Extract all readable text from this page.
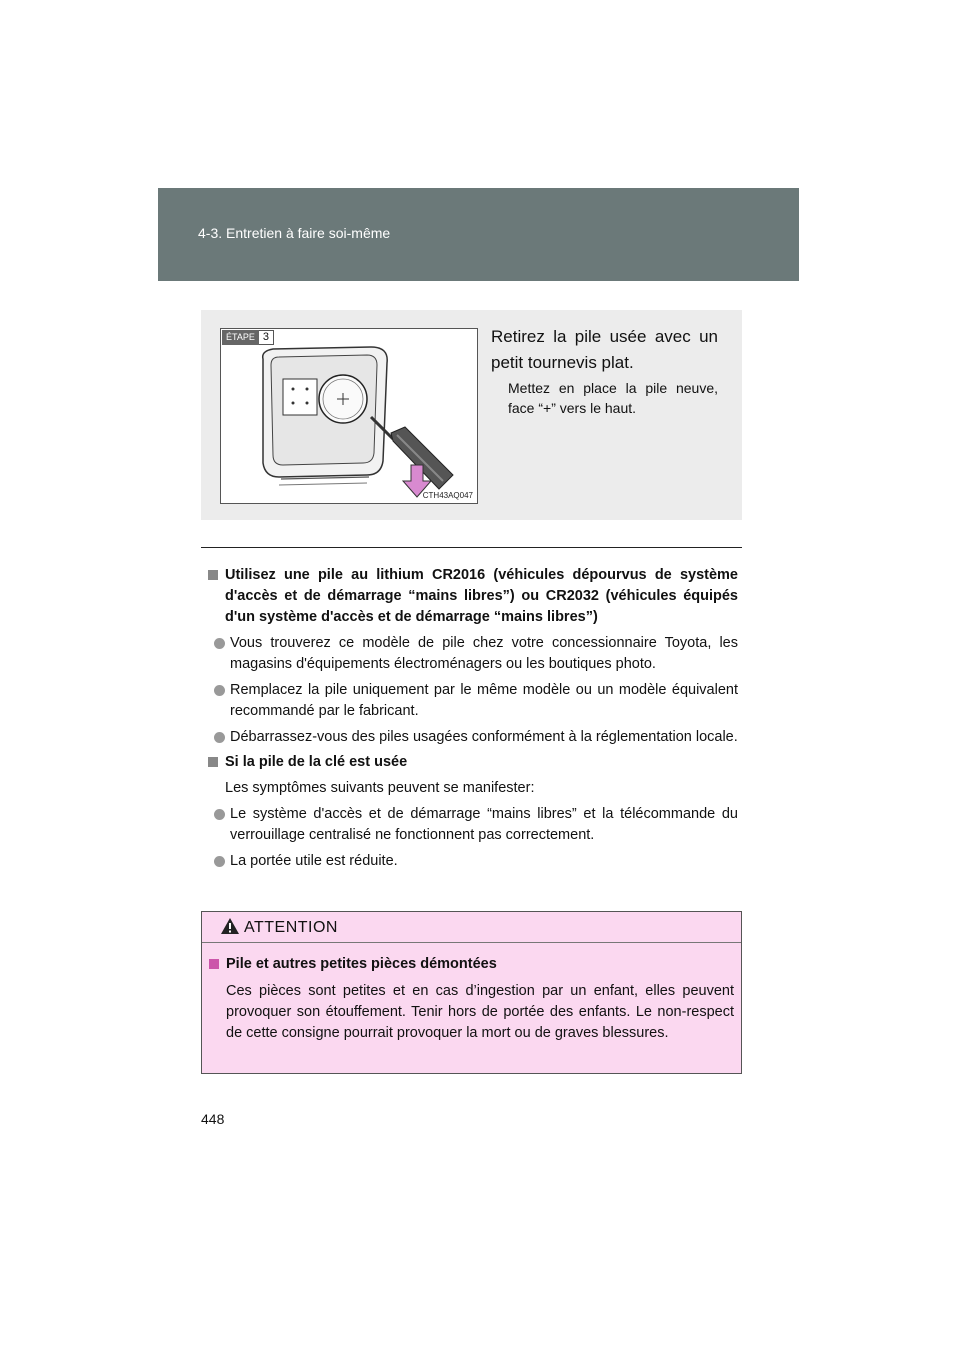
4-3. Entretien à faire soi-même
ÉTAPE 3
CTH43AQ047
Retirez la pile usée avec un petit tournevis plat.
Mettez en place la pile neuve, face “+” vers le haut.
Utilisez une pile au lithium CR2016 (véhicules dépourvus de système d'accès et de démarrage “mains libres”) ou CR2032 (véhicules équipés d'un système d'accès et de démarrage “mains libres”)
Vous trouverez ce modèle de pile chez votre concessionnaire Toyota, les magasins d'équipements électroménagers ou les boutiques photo.
Remplacez la pile uniquement par le même modèle ou un modèle équivalent recommandé par le fabricant.
Débarrassez-vous des piles usagées conformément à la réglementation locale.
Si la pile de la clé est usée
Les symptômes suivants peuvent se manifester:
Le système d'accès et de démarrage “mains libres” et la télécommande du verrouillage centralisé ne fonctionnent pas correctement.
La portée utile est réduite.
ATTENTION
Pile et autres petites pièces démontées
Ces pièces sont petites et en cas d’ingestion par un enfant, elles peuvent provoquer son étouffement. Tenir hors de portée des enfants. Le non-respect de cette consigne pourrait provoquer la mort ou de graves blessures.
448
